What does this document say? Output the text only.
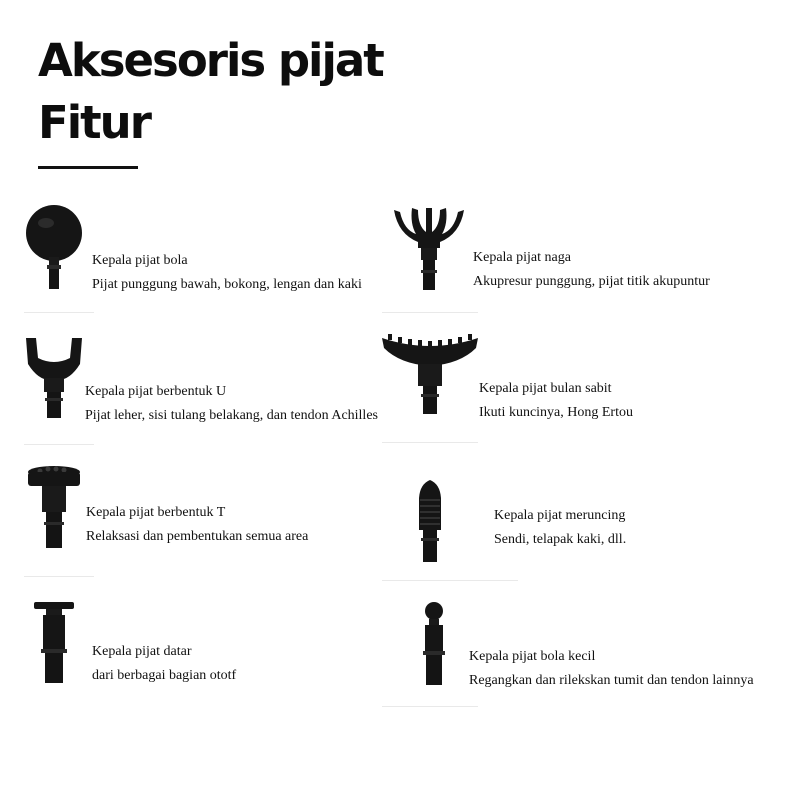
Aksesoris pijat
Fitur
Kepala pijat bola
Pijat punggung bawah, bokong, lengan dan kaki
Kepala pijat naga
Akupresur punggung, pijat titik akupuntur
Kepala pijat berbentuk U
Pijat leher, sisi tulang belakang, dan tendon Achilles
Kepala pijat bulan sabit
Ikuti kuncinya, Hong Ertou
Kepala pijat berbentuk T
Relaksasi dan pembentukan semua area
Kepala pijat meruncing
Sendi, telapak kaki, dll.
Kepala pijat datar
dari berbagai bagian ototf
Kepala pijat bola kecil
Regangkan dan rilekskan tumit dan tendon lainnya
